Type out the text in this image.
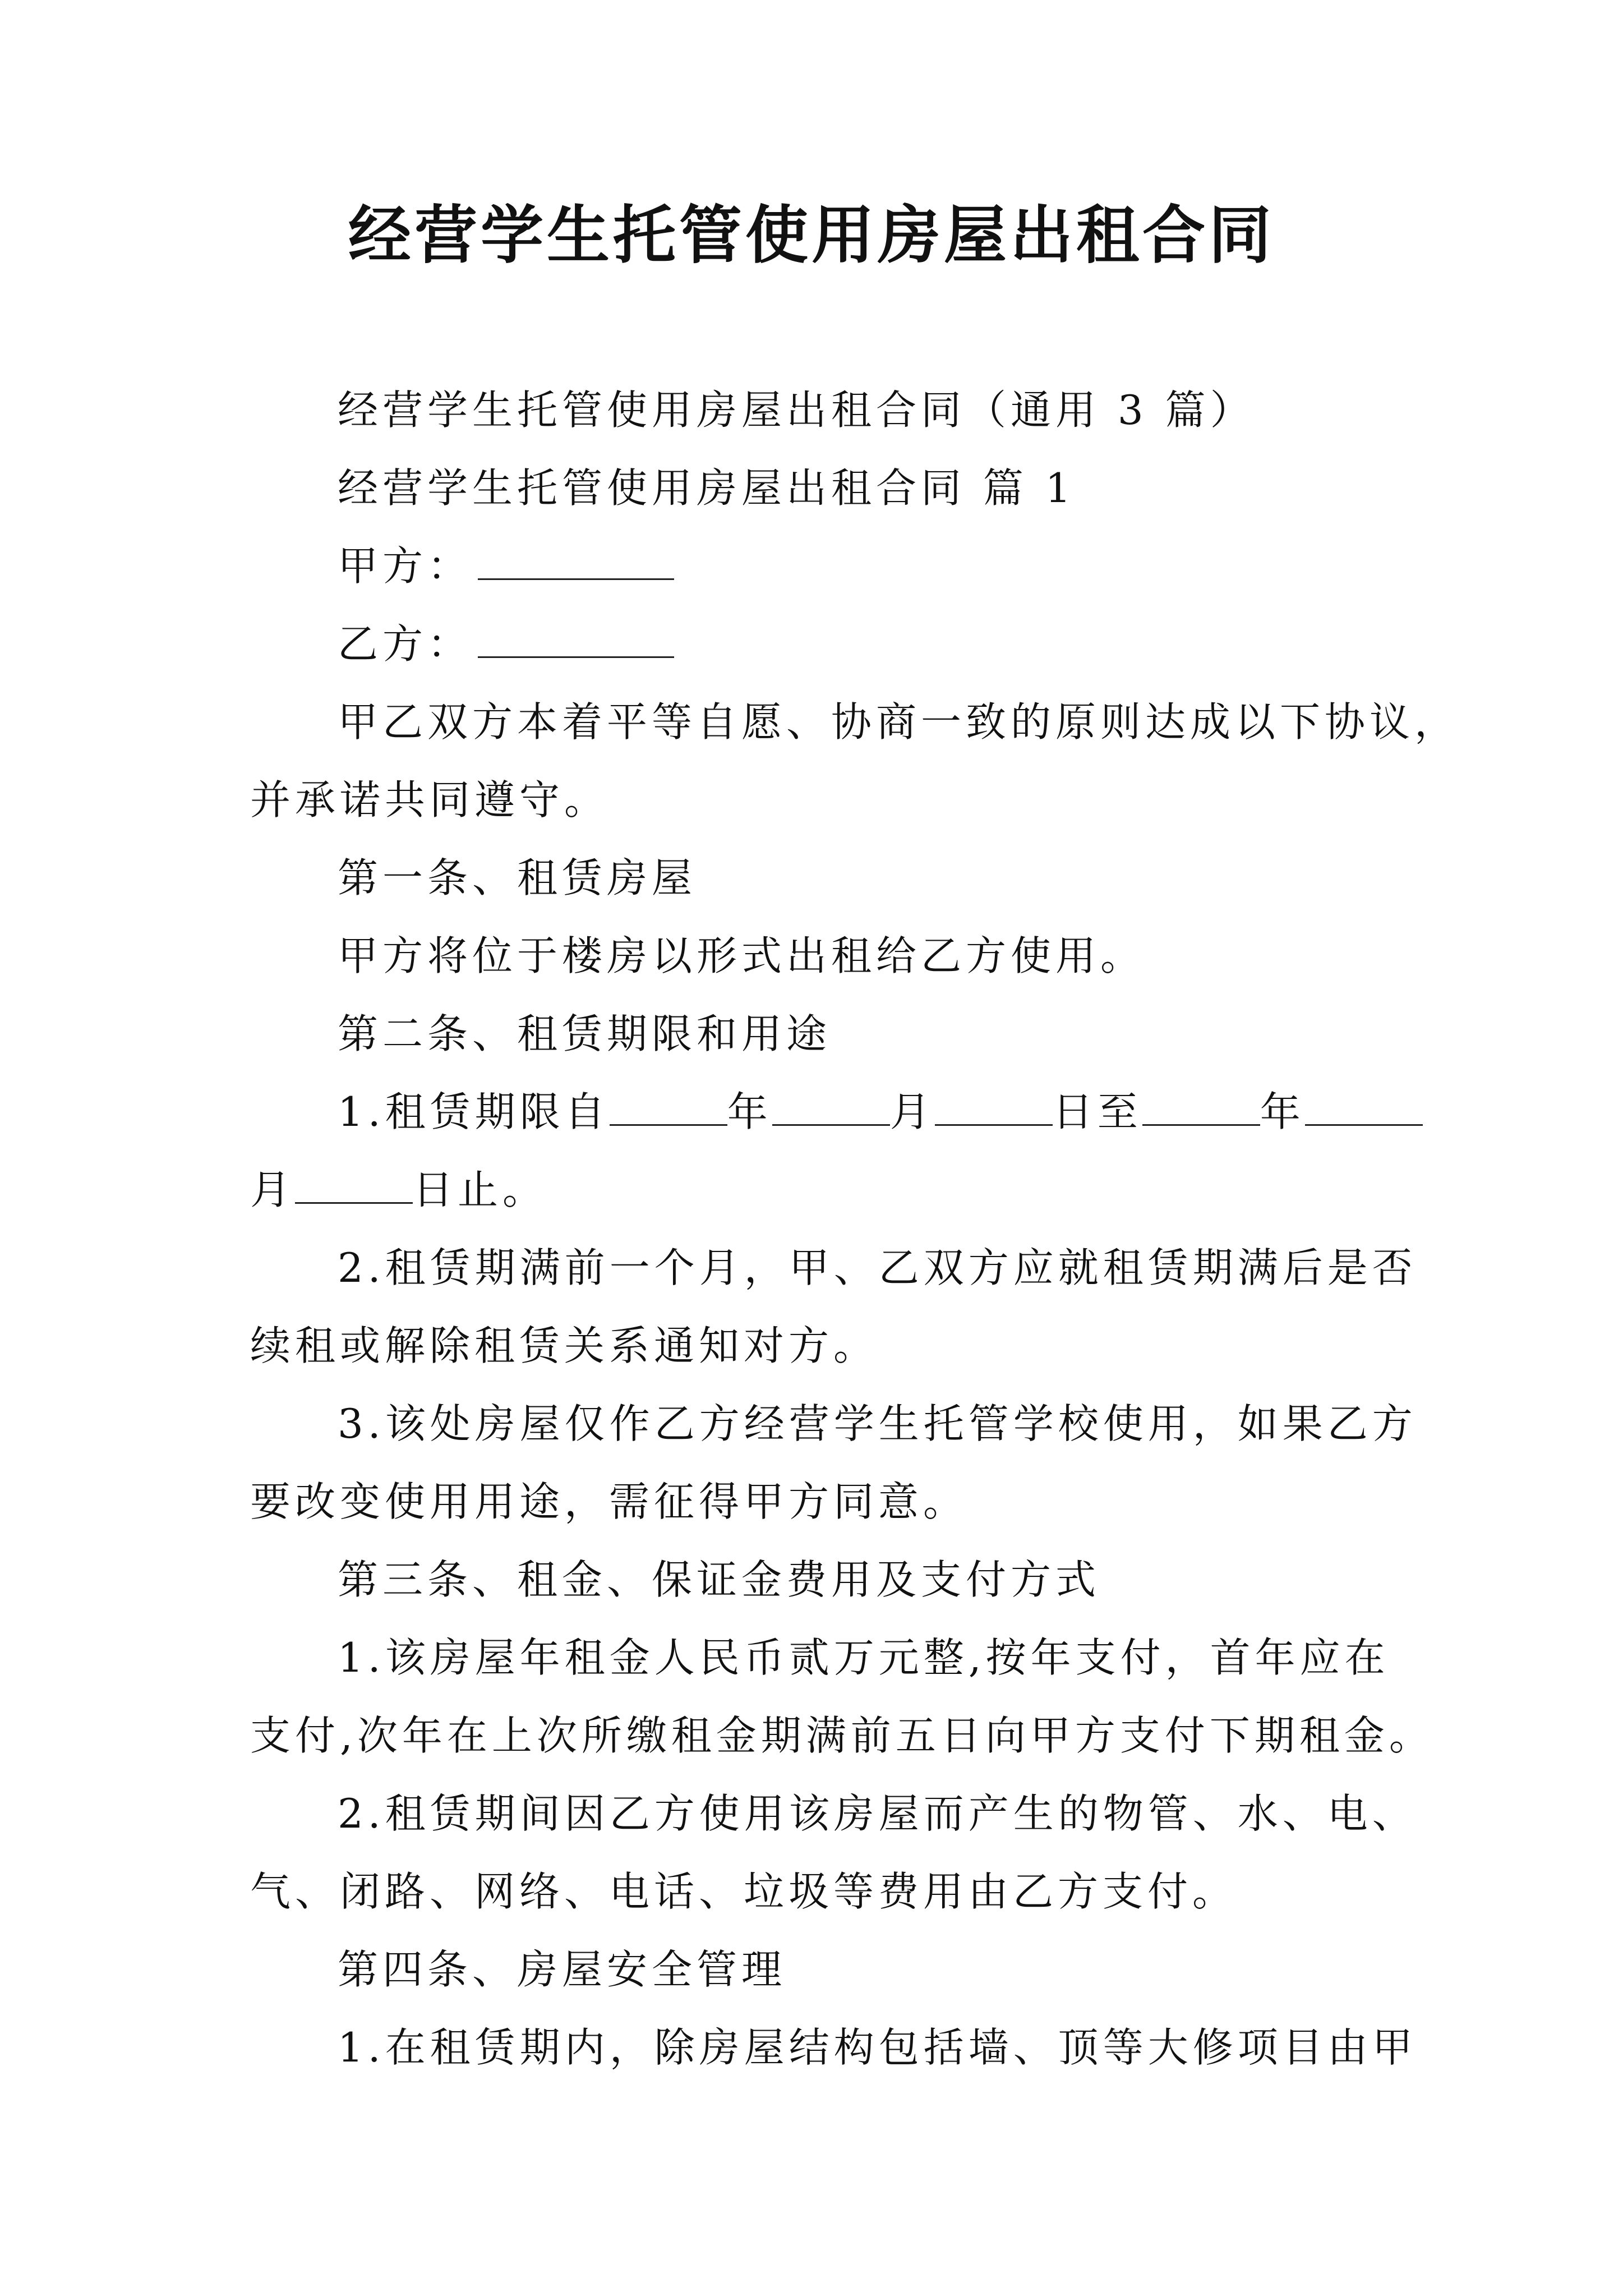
经营学生托管使用房屋出租合同
经营学生托管使用房屋出租合同（通用 3 篇）
经营学生托管使用房屋出租合同 篇 1
甲方：
乙方：
甲乙双方本着平等自愿、协商一致的原则达成以下协议，
并承诺共同遵守。
第一条、租赁房屋
甲方将位于楼房以形式出租给乙方使用。
第二条、租赁期限和用途
1.租赁期限自	年	月	日至	年
月	日止。
2.租赁期满前一个月，甲、乙双方应就租赁期满后是否
续租或解除租赁关系通知对方。
3.该处房屋仅作乙方经营学生托管学校使用，如果乙方
要改变使用用途，需征得甲方同意。
第三条、租金、保证金费用及支付方式
1.该房屋年租金人民币贰万元整,按年支付，首年应在
支付,次年在上次所缴租金期满前五日向甲方支付下期租金。
2.租赁期间因乙方使用该房屋而产生的物管、水、电、
气、闭路、网络、电话、垃圾等费用由乙方支付。
第四条、房屋安全管理
1.在租赁期内，除房屋结构包括墙、顶等大修项目由甲
